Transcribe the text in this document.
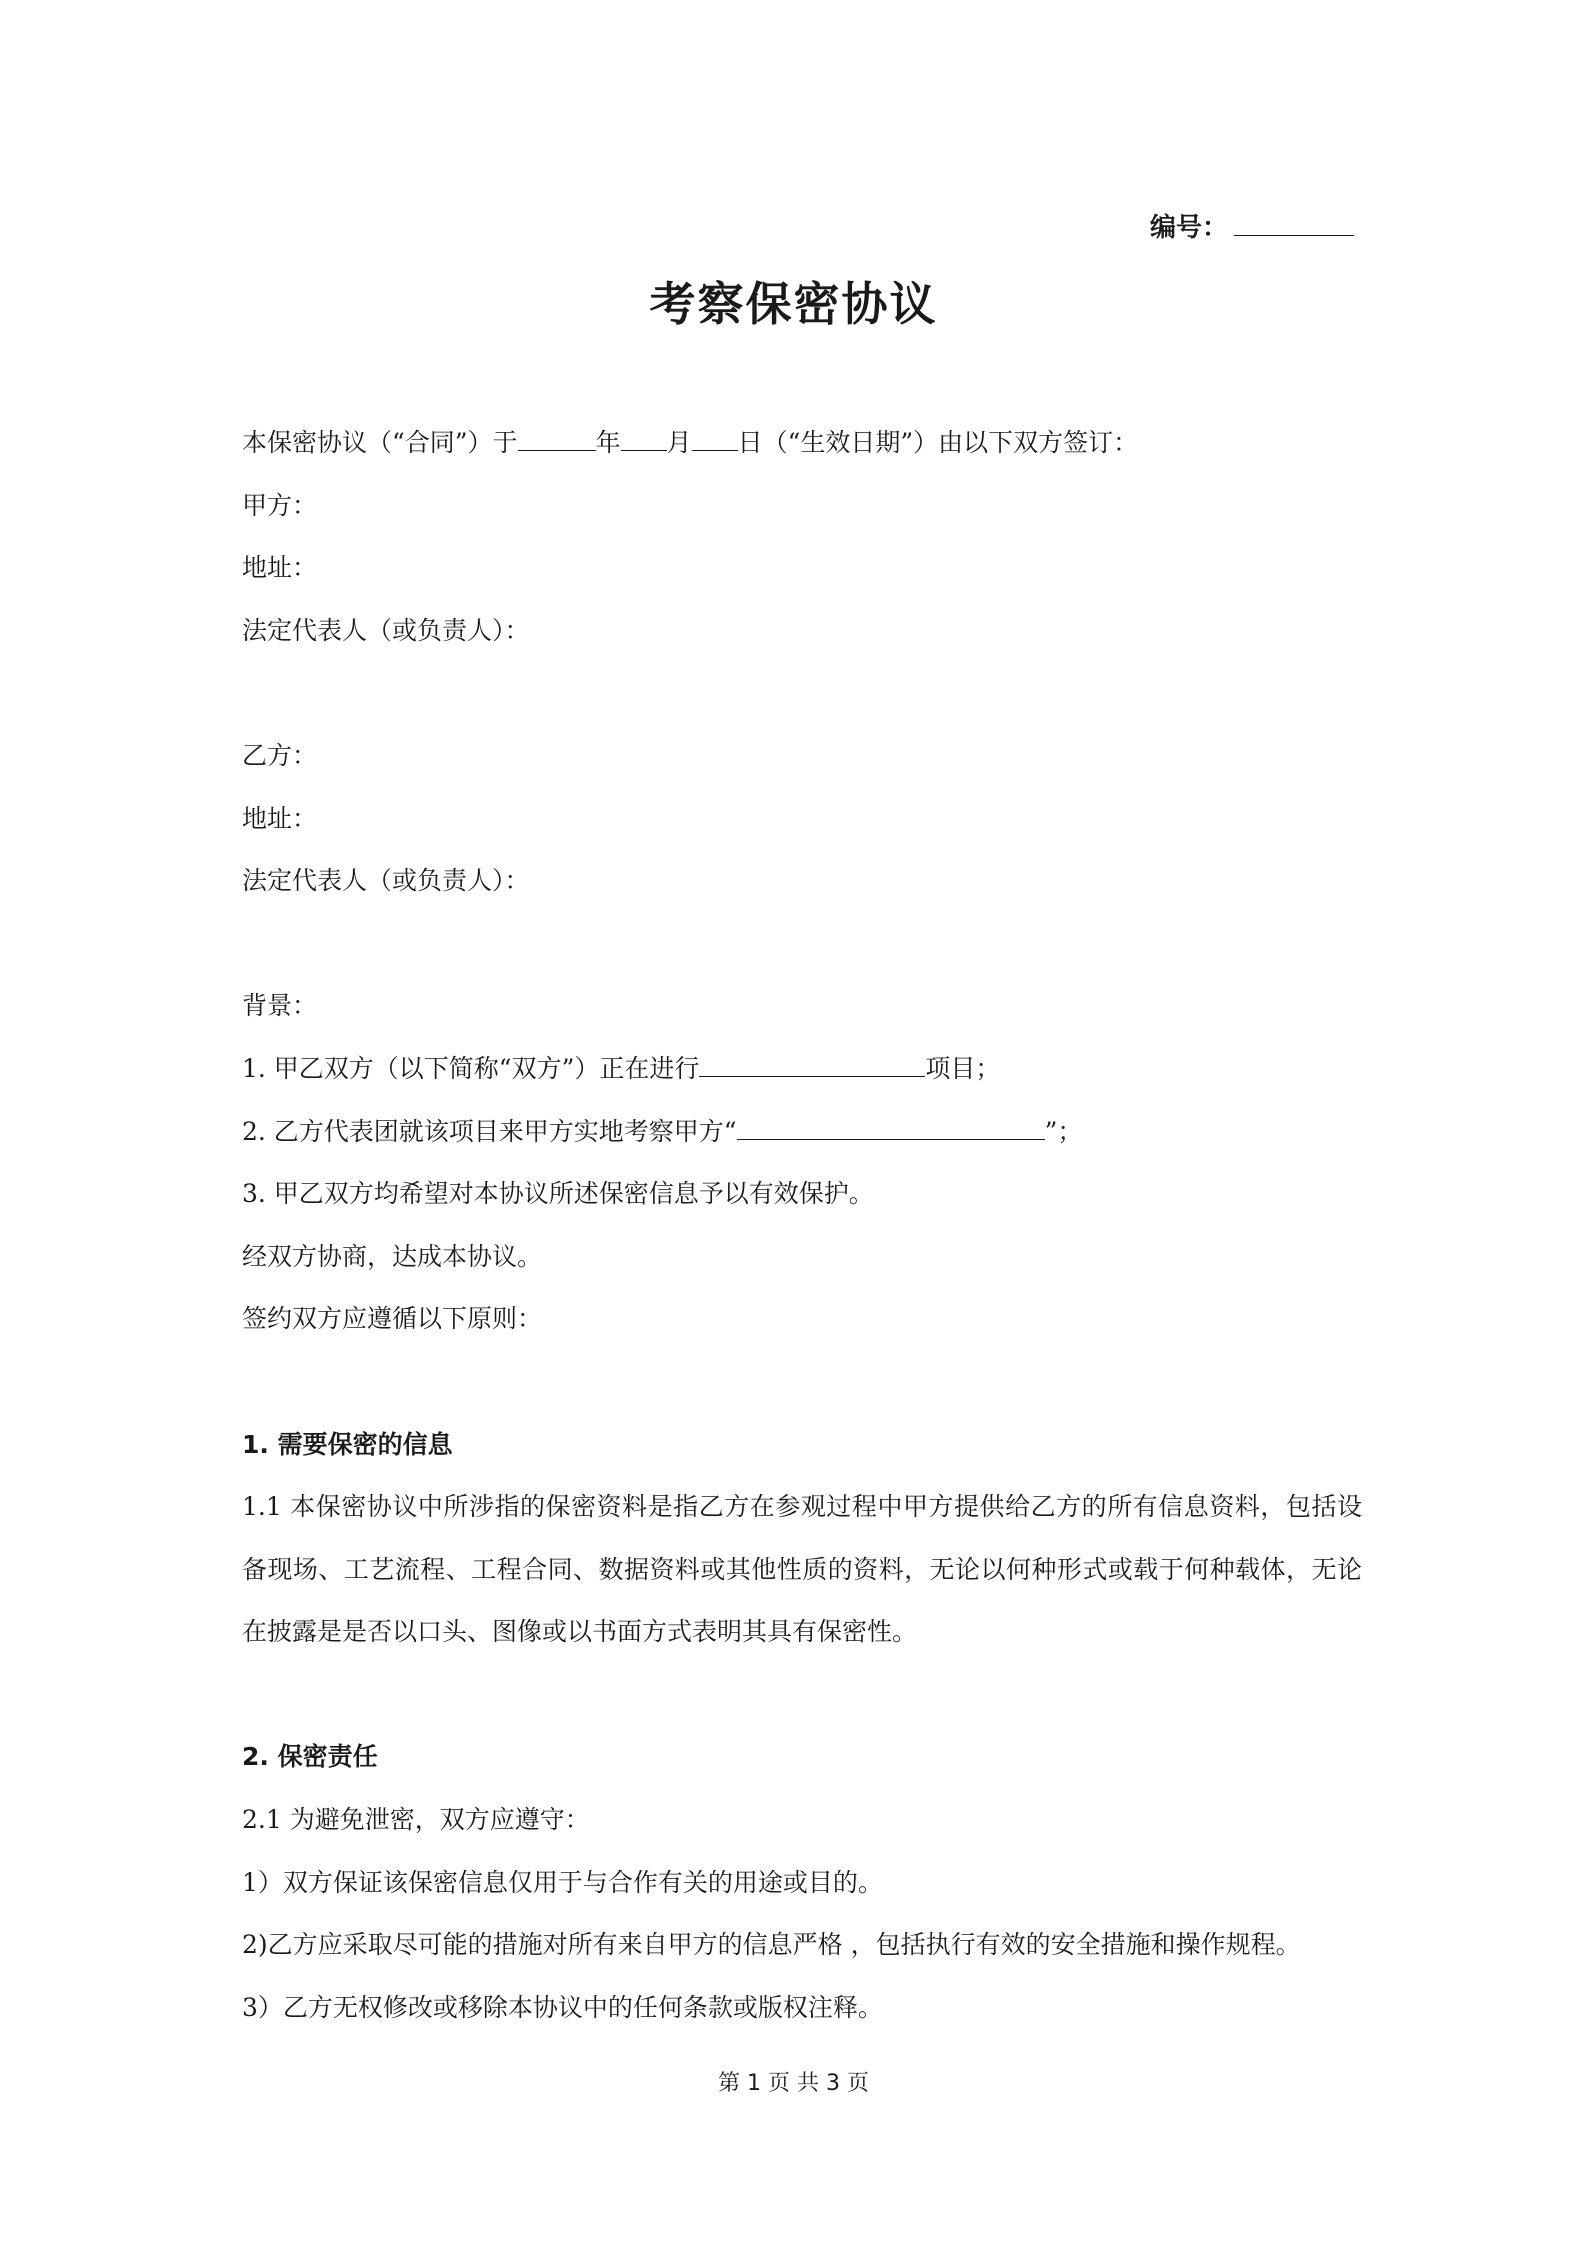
编号：
考察保密协议
本保密协议（“合同”）于	年 月 日（“生效日期”）由以下双方签订：
甲方：
地址：
法定代表人（或负责人）：
乙方：
地址：
法定代表人（或负责人）：
背景：
1. 甲乙双方（以下简称“双方”）正在进行	项目；
2. 乙方代表团就该项目来甲方实地考察甲方“	”；
3. 甲乙双方均希望对本协议所述保密信息予以有效保护。
经双方协商，达成本协议。
签约双方应遵循以下原则：
1. 需要保密的信息
1.1 本保密协议中所涉指的保密资料是指乙方在参观过程中甲方提供给乙方的所有信息资料，包括设备现场、工艺流程、工程合同、数据资料或其他性质的资料，无论以何种形式或载于何种载体，无论在披露是是否以口头、图像或以书面方式表明其具有保密性。
2. 保密责任
2.1 为避免泄密，双方应遵守：
1）双方保证该保密信息仅用于与合作有关的用途或目的。
2)乙方应采取尽可能的措施对所有来自甲方的信息严格 ，包括执行有效的安全措施和操作规程。
3）乙方无权修改或移除本协议中的任何条款或版权注释。
第 1 页 共 3 页
